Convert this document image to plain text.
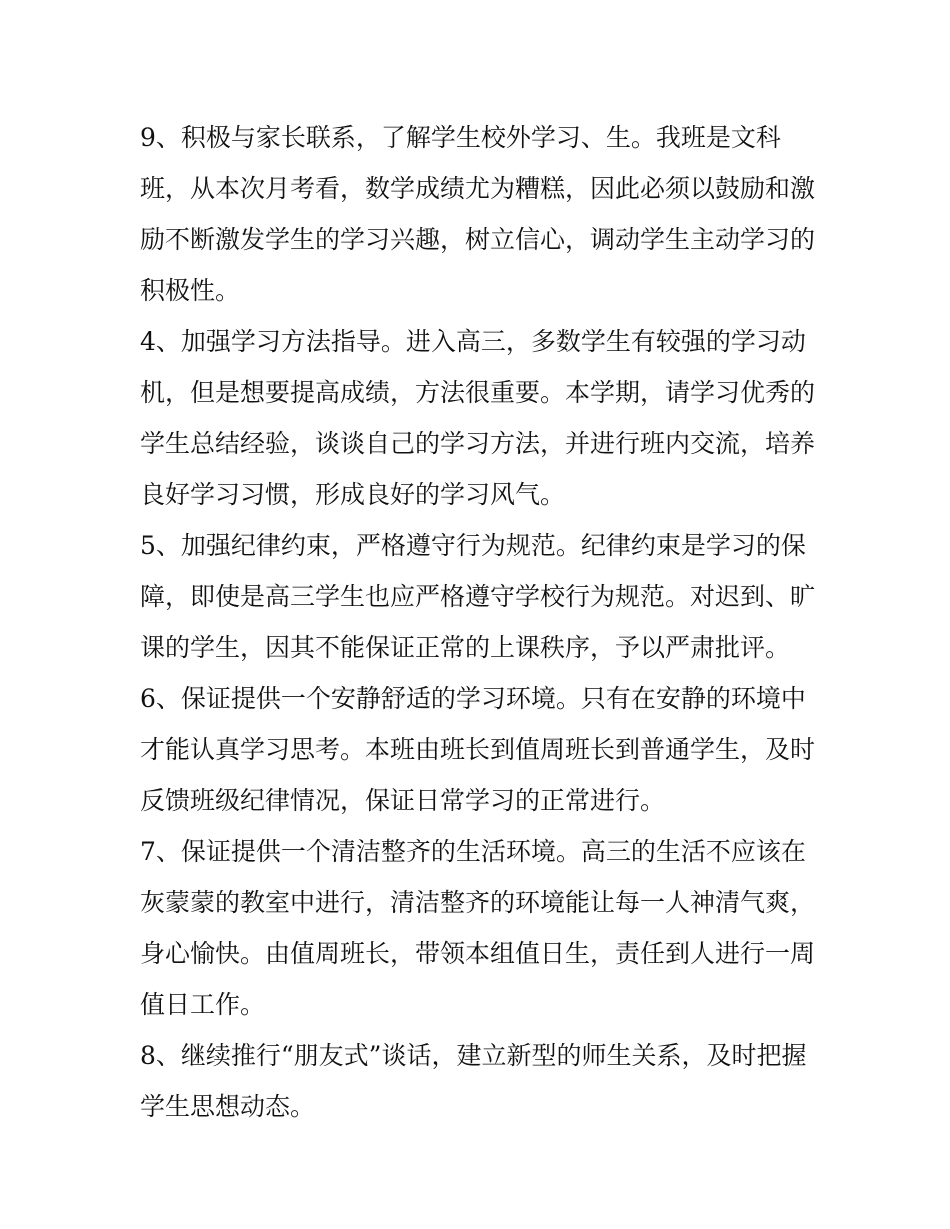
9、积极与家长联系，了解学生校外学习、生。我班是文科
班，从本次月考看，数学成绩尤为糟糕，因此必须以鼓励和激
励不断激发学生的学习兴趣，树立信心，调动学生主动学习的
积极性。
4、加强学习方法指导。进入高三，多数学生有较强的学习动
机，但是想要提高成绩，方法很重要。本学期，请学习优秀的
学生总结经验，谈谈自己的学习方法，并进行班内交流，培养
良好学习习惯，形成良好的学习风气。
5、加强纪律约束，严格遵守行为规范。纪律约束是学习的保
障，即使是高三学生也应严格遵守学校行为规范。对迟到、旷
课的学生，因其不能保证正常的上课秩序，予以严肃批评。
6、保证提供一个安静舒适的学习环境。只有在安静的环境中
才能认真学习思考。本班由班长到值周班长到普通学生，及时
反馈班级纪律情况，保证日常学习的正常进行。
7、保证提供一个清洁整齐的生活环境。高三的生活不应该在
灰蒙蒙的教室中进行，清洁整齐的环境能让每一人神清气爽，
身心愉快。由值周班长，带领本组值日生，责任到人进行一周
值日工作。
8、继续推行“朋友式”谈话，建立新型的师生关系，及时把握
学生思想动态。
